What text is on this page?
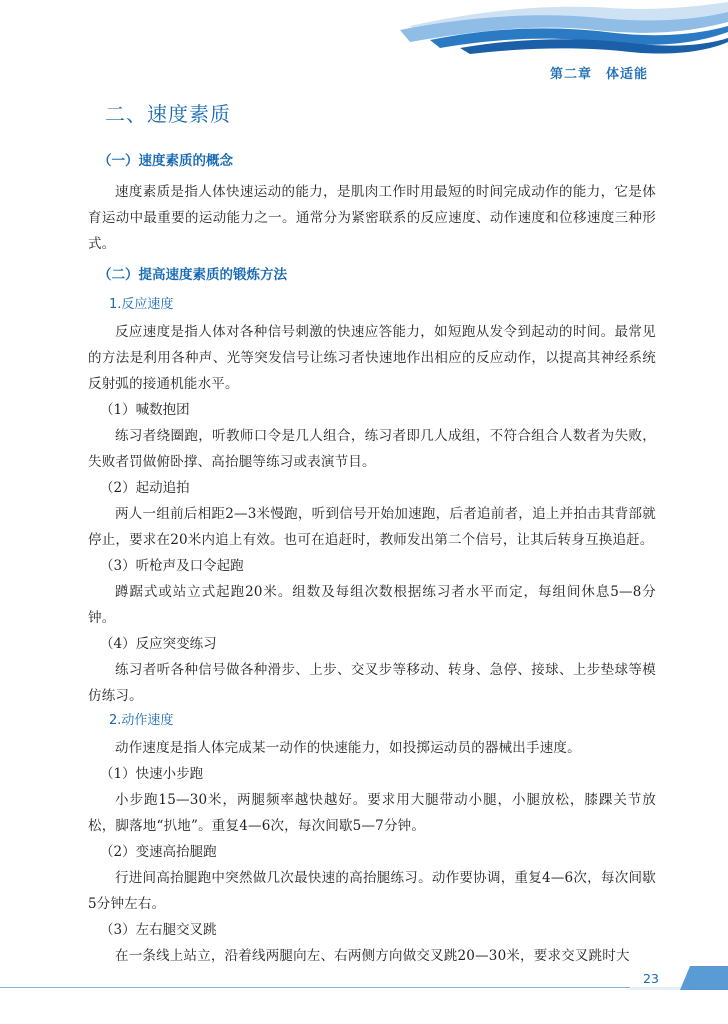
第二章　体适能
二、速度素质
（一）速度素质的概念

速度素质是指人体快速运动的能力，是肌肉工作时用最短的时间完成动作的能力，它是体育运动中最重要的运动能力之一。通常分为紧密联系的反应速度、动作速度和位移速度三种形式。

（二）提高速度素质的锻炼方法
1.反应速度

反应速度是指人体对各种信号刺激的快速应答能力，如短跑从发令到起动的时间。最常见的方法是利用各种声、光等突发信号让练习者快速地作出相应的反应动作，以提高其神经系统反射弧的接通机能水平。

（1）喊数抱团

练习者绕圈跑，听教师口令是几人组合，练习者即几人成组，不符合组合人数者为失败，失败者罚做俯卧撑、高抬腿等练习或表演节目。

（2）起动追拍

两人一组前后相距2—3米慢跑，听到信号开始加速跑，后者追前者，追上并拍击其背部就停止，要求在20米内追上有效。也可在追赶时，教师发出第二个信号，让其后转身互换追赶。

（3）听枪声及口令起跑

蹲踞式或站立式起跑20米。组数及每组次数根据练习者水平而定，每组间休息5—8分钟。

（4）反应突变练习

练习者听各种信号做各种滑步、上步、交叉步等移动、转身、急停、接球、上步垫球等模仿练习。

2.动作速度

动作速度是指人体完成某一动作的快速能力，如投掷运动员的器械出手速度。

（1）快速小步跑

小步跑15—30米，两腿频率越快越好。要求用大腿带动小腿，小腿放松，膝踝关节放松，脚落地“扒地”。重复4—6次，每次间歇5—7分钟。

（2）变速高抬腿跑

行进间高抬腿跑中突然做几次最快速的高抬腿练习。动作要协调，重复4—6次，每次间歇5分钟左右。

（3）左右腿交叉跳

在一条线上站立，沿着线两腿向左、右两侧方向做交叉跳20—30米，要求交叉跳时大

23
